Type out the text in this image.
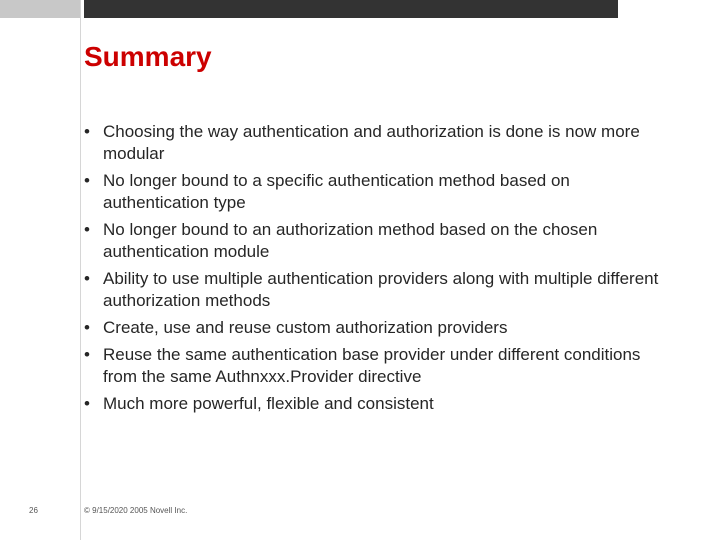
Summary
• Choosing the way authentication and authorization is done is now more modular
• No longer bound to a specific authentication method based on authentication type
• No longer bound to an authorization method based on the chosen authentication module
• Ability to use multiple authentication providers along with multiple different authorization methods
• Create, use and reuse custom authorization providers
• Reuse the same authentication base provider under different conditions from the same Authnxxx.Provider directive
• Much more powerful, flexible and consistent
26	© 9/15/2020 2005 Novell Inc.
